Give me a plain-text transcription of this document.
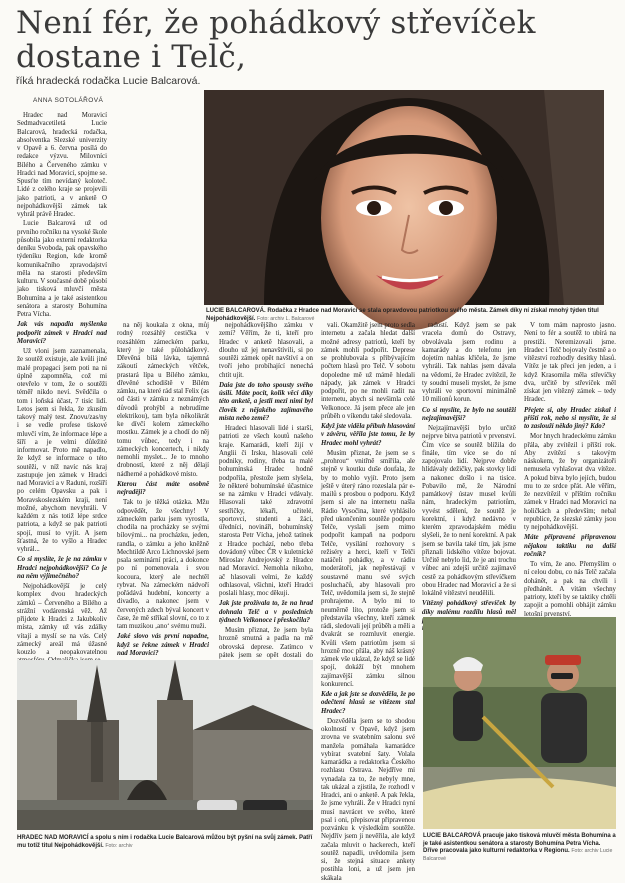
Není fér, že pohádkový střevíček dostane i Telč,
říká hradecká rodačka Lucie Balcarová.
ANNA SOTOLÁŘOVÁ
LUCIE BALCAROVÁ. Rodačka z Hradce nad Moravicí se stala opravdovou patriotkou svého města. Zámek díky ní získal mnohý týden titul Nejpohádkovější. Foto: archiv L. Balcarové

Hradec nad Moravicí Sedmadvacetiletá Lucie Balcarová, hradecká rodačka, absolventka Slezské univerzity v Opavě a 6. června posílá do redakce výzvu. Milovníci Bílého a Červeného zámku v Hradci nad Moravicí, spojme se. Spusťte tím nevídaný koloteč. Lidé z celého kraje se projevili jako patrioti, a v anketě O nejpohádkovější zámek tak vyhrál právě Hradec.

Lucie Balcarová už od prvního ročníku na vysoké škole působila jako externí redaktorka deníku Svoboda, pak opavského týdeníku Region, kde kromě komunikačního zpravodajství měla na starosti především kulturu. V současné době působí jako tisková mluvčí města Bohumína a je také asistentkou senátora a starosty Bohumína Petra Vícha.

Jak vás napadla myšlenka podpořit zámek v Hradci nad Moravicí?

Už vloni jsem zaznamenala, že soutěž existuje, ale kvůli jiné malé propagaci jsem poti na ni úplně zapomněla, což mi otevřelo v tom, že o soutěži téměř nikdo neví. Svědčila o tom i loňská účast, 7 tisíc lidí. Letos jsem si řekla, že zkusím takový malý test. Znovu/zas/ny i se vedle profese tiskové mluvčí vím, že informace lépe a šíří a je velmi důležité informovat. Proto mě napadlo, že když se informace o této soutěži, v níž navíc nás kraj zastupuje jen zámek v Hradci nad Moravicí a v Raduni, rozšíří po celém Opavsku a pak i Moravskoslezském kraji, není možné, abychom nevyhráli. V každém z nás totiž lépe srdce patriota, a když se pak patrioti spojí, musí to vyjít. A jsem šťastná, že to vyšlo a Hradec vyhrál...

Co si myslíte, že je na zámku v Hradci nejpohádkovější? Co je na něm výjimečného?

Nejpohádkovější je celý komplex dvou hradeckých zámků – Červeného a Bílého a strážní vodárenská věž. Až přijdete k Hradci z Jakubkoliv místa, zámky už vás zdálky vítají a myslí se na vás. Celý zámecký areál má úžasné kouzlo a neopakovatelnou

na něj koukala z okna, můj rodný rozsáhlý cestička v rozsáhlém zámeckém parku, který je také půlohádkový. Dřevěná bílá lávka, tajemná zákoutí zámeckých větček, prastará lípa u Bílého zámku, dřevěné schodiště v Bílém zámku, na které rád stal Felix (as od části v zámku z neznámých důvodů prohýbl a nebrudíme elektrikou), tam byla několikrát ke dívčí kolem zámeckého mostku. Zámek je a chodí do něj tomu vůbec, tedy i na zámeckých koncertech, i nikdy nemohli myslet... Je to mnoho drobností, které z něj dělají nádherné a pohádkové místo.

Kterou část máte osobně nejraději?

Tak to je těžká otázka. Mžu odpovědět, že všechny! V zámeckém parku jsem vyrostla, chodila na procházky se svými bílovými... na procházku, jeden, randla, o zámku a jeho kněžně Mechtildě Arco Lichnovské jsem psala seminární práci, a dokonce po ní pomenovala i svou kocoura, který ale nechtěl rybvat. Na zámeckém nádvoří pořádává hudební, koncerty a divadlo, a nakonec jsem v červených zdech býval koncert v čase, že mě stříkal slovní, co to z tam muzikou ‚ano‘ svému muži.

Jaké slovo vás první napadne, když se řekne zámek v Hradci nad Moravicí?

nejpohádkovějšího zámku v zemi? Věřím, že ti, kteří pro Hradec v anketě hlasovali, a dlouho už jej nenavštívili, si po soutěži zámek opět navštíví a on tvoří jeho probíhající nenechá chtít ujít.

Daia jste do toho spousty svého úsilí. Máte pocit, kolik věcí díky této anketě, a jestli mezi nimi byl člověk z nějakého zajímavého místa nebo země?

Hradeci hlasovali lidé i starší, patrioti ze všech koutů našeho kraje. Kamarádi, kteří žijí v Anglii či Irsku, hlasovali celé podniky, rodiny, třeba ta malé bohumínská Hradec hodně podpořila, přestože jsem slyšela, že některé bohumínské účastnice se na zámku v Hradci vdávaly. Hlasovali také zdravotní sestřičky, lékaři, učitelé, sportovci, studenti a žáci, úředníci, novináři, bohumínský starosta Petr Vícha, jehož tatínek z Hradce pochází, nebo třeba dovádoný vůbec ČR v kuletnícké Miroslav Andrejovský z Hradce nad Moravicí. Nemohla nikoho, ač hlasovali velmi, že každý odhlasoval, všichni, kteří Hradci poslali hlasy, moc děkuji.

Jak jste prožívala to, že na hrad dohnala Telč a v posledních týdnech Velkonoce i přeskočila?

Musím přiznat, že jsem byla hrozně smutná a padla na mě obrovská deprese. Zatímco v pátek jsem se opět dostali do

vali. Okamžitě jsem proto sedla internetu a začala hledat další možné adresy patriotů, kteří by zámek mohli podpořit. Deprese se prohlubovala s přibývajícím počtem hlasů pro Telč. V sobotu dopoledne mě už mámě hledali nápady, jak zámek v Hradci podpořit, po ne mohli radit na internetu, abych si nevšimla celé Velkonoce. Já jsem přece ale jen průběh o víkendu také sledovala.

Když jste viděla příbuh hlasování v závěru, věřila jste tomu, že by Hradec mohl vyhrát?

Musím přiznat, že jsem se s „prohrou“ vnitřně smířila, ale stejně v koutku duše doufala, že by to mohlo vyjít. Proto jsem ještě v úterý ráno rozeslala pár e-mailů s prosbou o podporu. Když jsem si ale na internetu našla Rádio Vysočina, které vyhlásilo před ukončením soutěže podporu Telče, vyslali jsem mimo podpořit kampaň na podporu Telče, vysílání rozhovory s režiséry a herci, kteří v Telči natáčeli pohádky, a v rádiu moderátoři, jak nepřestávají v soustavné manu své svých posluchačů, aby hlasovali pro Telč, uvědomila jsem si, že stejně prohrajeme. A bylo mi to neuměrně líto, protože jsem si představila všechny, kteří zámek rádi, sledovali její průběh a měli a dvakrát se rozmluvit energie. Kvůli všem patriotům jsem si hrozně moc přála, aby náš krásný zámek vše ukázal, že když se lidé spojí, dokáží být mnohem zajímavější zámku silnou konkurencí.

Kde a jak jste se dozvěděla, že po odečtení hlasů se vítězem stal Hradec?

Dozvěděla jsem se to shodou okolností v Opavě, když jsem zrovna ve svatebním salonu své manžela pomáhala kamarádce vybírat svatební šaty. Volala kamarádka a redaktorka Českého rozhlasu Ostrava. Nejdříve mi vynadala za to, že nebyly mne, tak ukázal a zjistila, že rozhodl v Hradci, ani o anketě. A pak řekla, že jsme vyhráli. Že v Hradci nyní musí navrácet ve svého, které psal i oni, přepisovat připravenou pozvánku k výsledkům soutěže. Nejdřív jsem ji nevěřila, ale když začala mluvit o hackerech, kteří soutěž napadli, uvědomila jsem si, že stejná situace ankety postihla loni, a už jsem jen skákala

radostí. Když jsem se pak vracela domů do Ostravy, obvolávala jsem rodinu a kamarády a do telefonu jen dojetím nahlas křičela, že jsme vyhráli. Tak nahlas jsem dávala na vědomí, že Hradec zvítězil, že ty soudní museli myslet, že jsme vyhráli ve sportovní minimálně 10 milionů korun.

Co si myslíte, že bylo na soutěži nejzajímavější?

Nejzajímavější bylo určitě nejprve bitva patriotů v prvenství. Čím více se soutěž blížila do finále, tím více se do ní zapojovalo lidí. Nejprve dobře hlídávaly dežičky, pak stovky lidí a nakonec došlo i na tisíce. Pobavilo mě, že Národní památkový ústav musel kvůli nám, hradeckým patriotům, vyvést sdělení, že soutěž je korektní, i když nedávno v kterém zpravodajském médiu slyšeli, že to není korektní. A pak jsem se bavila také tím, jak jsme přiznali lidského vítěze bojovat. Určitě nebylo lid, že je ani trochu vůbec ani zdejší určitě zajímavě cestě za pohádkovým střevíčkem obou Hradec nad Moravicí a že si lokálně vítězství neudělili.

Vítězný pohádkový střevíček by díky malému rozdílu hlasů měl

V tom mám naprosto jasno. Není to fér a soutěž to ubírá na prestiži. Neremizovali jsme. Hradec i Telč bojovaly čestně a o vítězství rozhodly desítky hlasů. Vítěz je tak přeci jen jeden, a i když Krasomila měla střevíčky dva, určitě by střevíček měl získat jen vítězný zámek – tedy Hradec.

Přejete si, aby Hradec získal i příští rok, nebo si myslíte, že si to zaslouží někdo jiný? Kdo?

Mor hnych hradeckému zámku přála, aby zvítězil i příští rok. Aby zvítězí s takovým náskokem, že by organizátoři nemusela vyhlašovat dva vítěze. A pokud bitva bylo jejích, budou mu to ze srdce přát. Ale věřím, že nezvítězil v příštím ročníku zámek v Hradci nad Moravicí na holičkách a především; nebal republice, že slezské zámky jsou ty nejpohádkovější.

Máte připravené připravenou nějakou taktiku na další ročník?

To vím, že ano. Přemyšlím o ní celou dobu, co nás Telč začala dohánět, a pak na chvíli i předhánět. A vítám všechny patrioty, kteří by se taktiky chtěli zapojit a pomohli obhájit zámku letošní prvenství.

HRADEC NAD MORAVICÍ a spolu s ním i rodačka Lucie Balcarová můžou být pyšní na svůj zámek. Patří mu totiž titul Nejpohádkovější. Foto: archiv
LUCIE BALCAROVÁ pracuje jako tisková mluvčí města Bohumína a je také asistentkou senátora a starosty Bohumína Petra Vícha. Dříve pracovala jako kulturní redaktorka v Regionu. Foto: archiv Lucie Balcarové
